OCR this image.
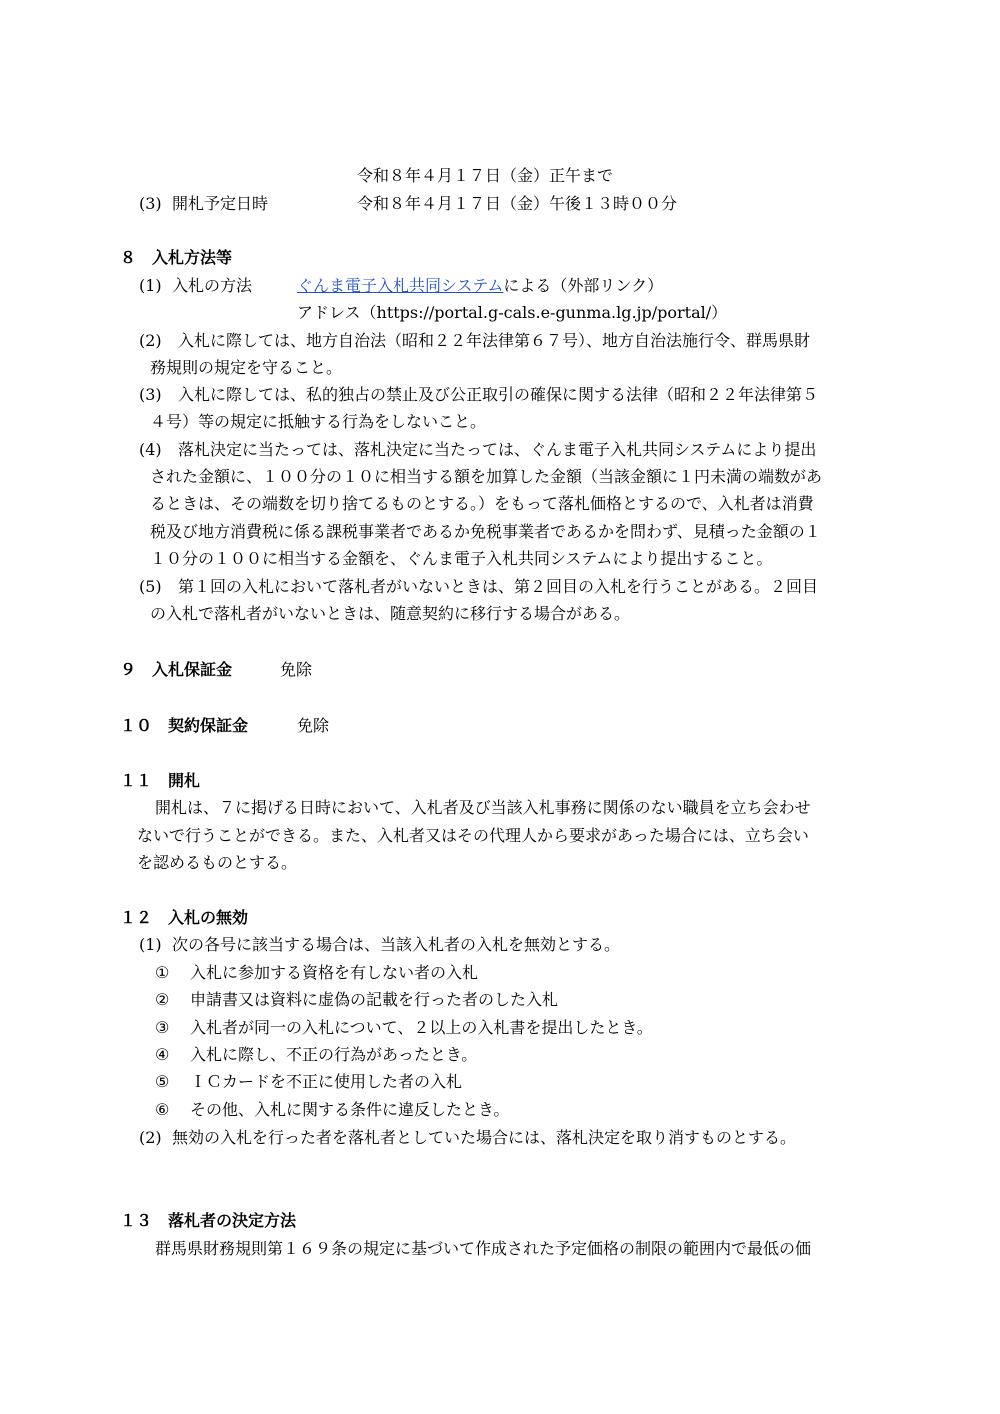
令和８年４月１７日（金）正午まで
(3) 開札予定日時	令和８年４月１７日（金）午後１３時００分
８　入札方法等
(1) 入札の方法	ぐんま電子入札共同システムによる（外部リンク）
アドレス（https://portal.g-cals.e-gunma.lg.jp/portal/）
(2) 入札に際しては、地方自治法（昭和２２年法律第６７号）、地方自治法施行令、群馬県財
務規則の規定を守ること。
(3) 入札に際しては、私的独占の禁止及び公正取引の確保に関する法律（昭和２２年法律第５
４号）等の規定に抵触する行為をしないこと。
(4) 落札決定に当たっては、落札決定に当たっては、ぐんま電子入札共同システムにより提出
された金額に、１００分の１０に相当する額を加算した金額（当該金額に１円未満の端数があ
るときは、その端数を切り捨てるものとする。）をもって落札価格とするので、入札者は消費
税及び地方消費税に係る課税事業者であるか免税事業者であるかを問わず、見積った金額の１
１０分の１００に相当する金額を、ぐんま電子入札共同システムにより提出すること。
(5) 第１回の入札において落札者がいないときは、第２回目の入札を行うことがある。２回目
の入札で落札者がいないときは、随意契約に移行する場合がある。
９　入札保証金	免除
１０　契約保証金	免除
１１　開札
開札は、７に掲げる日時において、入札者及び当該入札事務に関係のない職員を立ち会わせ
ないで行うことができる。また、入札者又はその代理人から要求があった場合には、立ち会い
を認めるものとする。
１２　入札の無効
(1) 次の各号に該当する場合は、当該入札者の入札を無効とする。
① 入札に参加する資格を有しない者の入札
② 申請書又は資料に虚偽の記載を行った者のした入札
③ 入札者が同一の入札について、２以上の入札書を提出したとき。
④ 入札に際し、不正の行為があったとき。
⑤ ＩＣカードを不正に使用した者の入札
⑥ その他、入札に関する条件に違反したとき。
(2) 無効の入札を行った者を落札者としていた場合には、落札決定を取り消すものとする。
１３　落札者の決定方法
群馬県財務規則第１６９条の規定に基づいて作成された予定価格の制限の範囲内で最低の価
